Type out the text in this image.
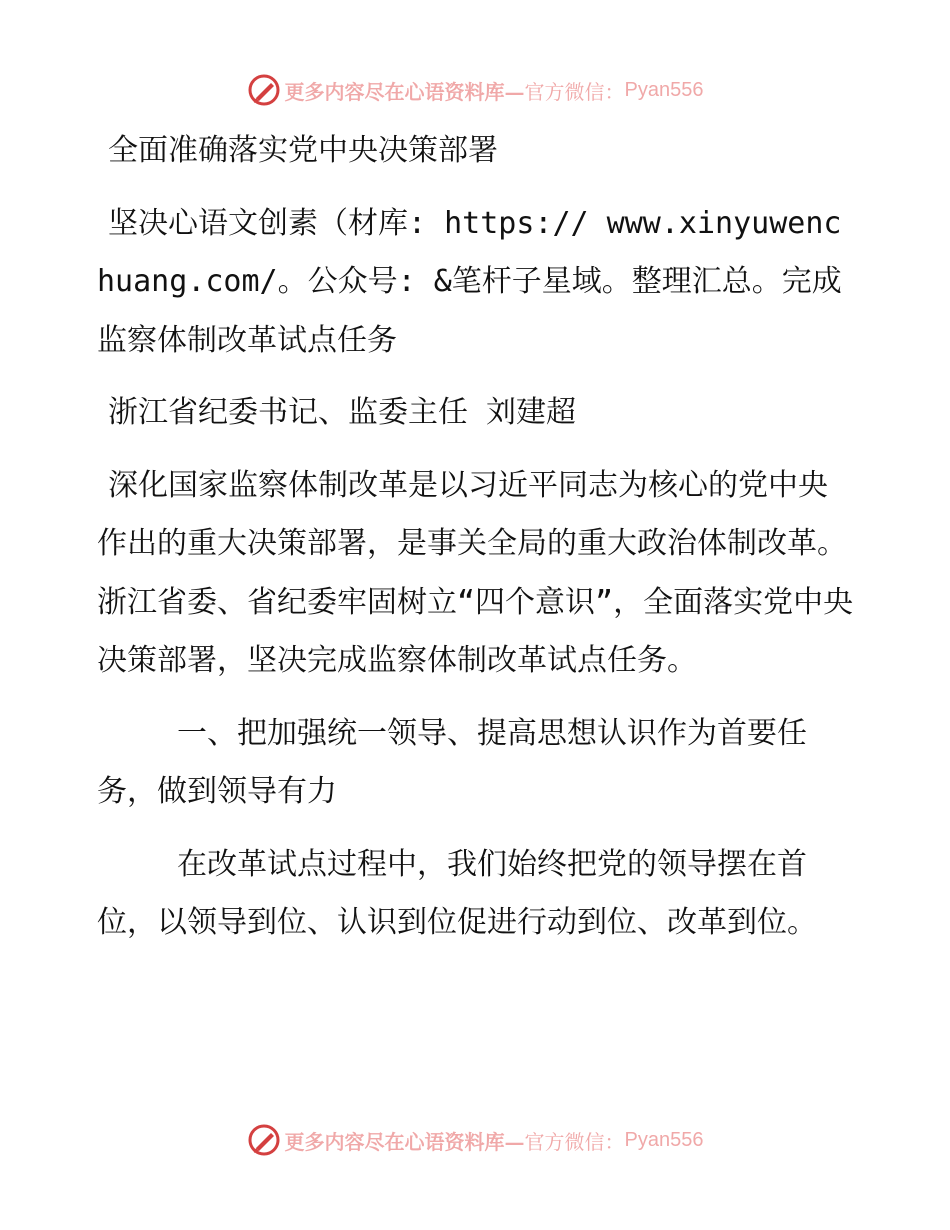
更多内容尽在心语资料库— 官方微信： Pyan556

全面准确落实党中央决策部署

坚决心语文创素（材库: https:// www.xinyuwenchuang.com/。公众号: &笔杆子星域。整理汇总。完成监察体制改革试点任务

浙江省纪委书记、监委主任 刘建超

深化国家监察体制改革是以习近平同志为核心的党中央作出的重大决策部署，是事关全局的重大政治体制改革。浙江省委、省纪委牢固树立“四个意识”，全面落实党中央决策部署，坚决完成监察体制改革试点任务。

一、把加强统一领导、提高思想认识作为首要任务，做到领导有力

在改革试点过程中，我们始终把党的领导摆在首位，以领导到位、认识到位促进行动到位、改革到位。

更多内容尽在心语资料库— 官方微信： Pyan556
